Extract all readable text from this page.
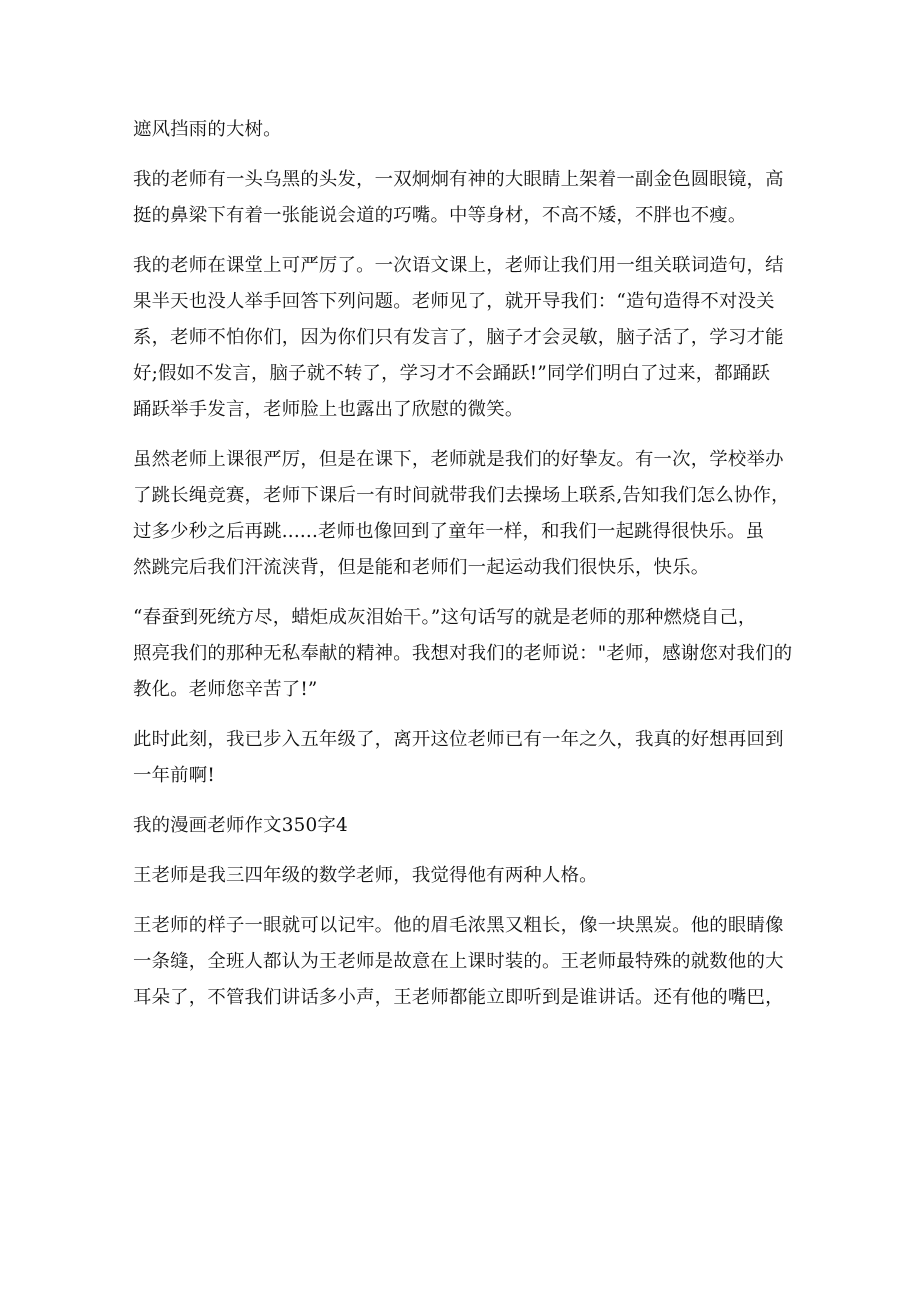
遮风挡雨的大树。
我的老师有一头乌黑的头发，一双炯炯有神的大眼睛上架着一副金色圆眼镜，高
挺的鼻梁下有着一张能说会道的巧嘴。中等身材，不高不矮，不胖也不瘦。
我的老师在课堂上可严厉了。一次语文课上，老师让我们用一组关联词造句，结
果半天也没人举手回答下列问题。老师见了，就开导我们：“造句造得不对没关
系，老师不怕你们，因为你们只有发言了，脑子才会灵敏，脑子活了，学习才能
好;假如不发言，脑子就不转了，学习才不会踊跃!”同学们明白了过来，都踊跃
踊跃举手发言，老师脸上也露出了欣慰的微笑。
虽然老师上课很严厉，但是在课下，老师就是我们的好挚友。有一次，学校举办
了跳长绳竞赛，老师下课后一有时间就带我们去操场上联系,告知我们怎么协作，
过多少秒之后再跳......老师也像回到了童年一样，和我们一起跳得很快乐。虽
然跳完后我们汗流浃背，但是能和老师们一起运动我们很快乐，快乐。
“春蚕到死统方尽，蜡炬成灰泪始干。”这句话写的就是老师的那种燃烧自己，
照亮我们的那种无私奉献的精神。我想对我们的老师说："老师，感谢您对我们的
教化。老师您辛苦了!”
此时此刻，我已步入五年级了，离开这位老师已有一年之久，我真的好想再回到
一年前啊!
我的漫画老师作文350字4
王老师是我三四年级的数学老师，我觉得他有两种人格。
王老师的样子一眼就可以记牢。他的眉毛浓黑又粗长，像一块黑炭。他的眼睛像
一条缝，全班人都认为王老师是故意在上课时装的。王老师最特殊的就数他的大
耳朵了，不管我们讲话多小声，王老师都能立即听到是谁讲话。还有他的嘴巴，
